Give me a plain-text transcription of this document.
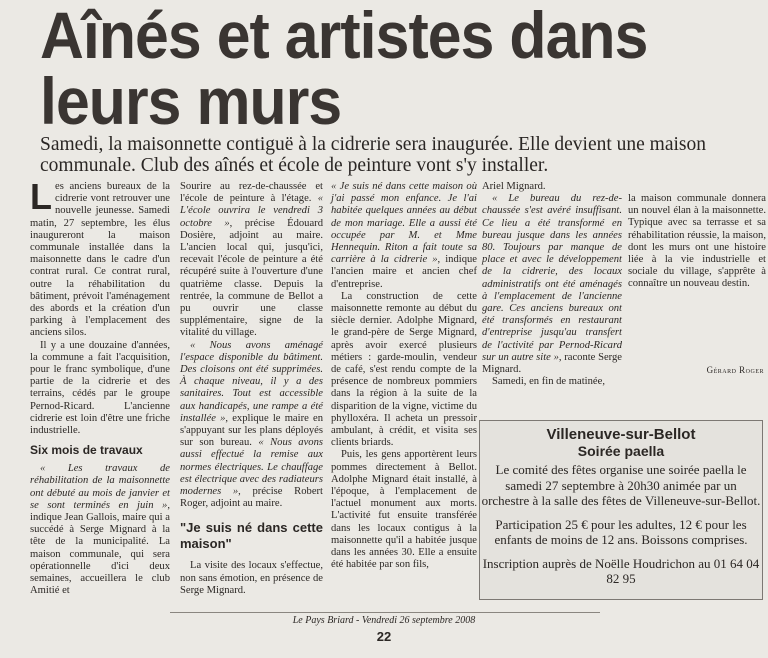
Aînés et artistes dans leurs murs

Samedi, la maisonnette contiguë à la cidrerie sera inaugurée. Elle devient une maison communale. Club des aînés et école de peinture vont s'y installer.

Les anciens bureaux de la cidrerie vont retrouver une nouvelle jeunesse. Samedi matin, 27 septembre, les élus inaugureront la maison communale installée dans la maisonnette dans le cadre d'un contrat rural. Ce contrat rural, outre la réhabilitation du bâtiment, prévoit l'aménagement des abords et la création d'un parking à l'emplacement des anciens silos.

Il y a une douzaine d'années, la commune a fait l'acquisition, pour le franc symbolique, d'une partie de la cidrerie et des terrains, cédés par le groupe Pernod-Ricard. L'ancienne cidrerie est loin d'être une friche industrielle.

Six mois de travaux

« Les travaux de réhabilitation de la maisonnette ont débuté au mois de janvier et se sont terminés en juin », indique Jean Gallois, maire qui a succédé à Serge Mignard à la tête de la municipalité. La maison communale, qui sera opérationnelle d'ici deux semaines, accueillera le club Amitié et

Sourire au rez-de-chaussée et l'école de peinture à l'étage. « L'école ouvrira le vendredi 3 octobre », précise Édouard Dosière, adjoint au maire. L'ancien local qui, jusqu'ici, recevait l'école de peinture a été récupéré suite à l'ouverture d'une quatrième classe. Depuis la rentrée, la commune de Bellot a pu ouvrir une classe supplémentaire, signe de la vitalité du village.

« Nous avons aménagé l'espace disponible du bâtiment. Des cloisons ont été supprimées. À chaque niveau, il y a des sanitaires. Tout est accessible aux handicapés, une rampe a été installée », explique le maire en s'appuyant sur les plans déployés sur son bureau. « Nous avons aussi effectué la remise aux normes électriques. Le chauffage est électrique avec des radiateurs modernes », précise Robert Roger, adjoint au maire.

"Je suis né dans cette maison"

La visite des locaux s'effectue, non sans émotion, en présence de Serge Mignard.

« Je suis né dans cette maison où j'ai passé mon enfance. Je l'ai habitée quelques années au début de mon mariage. Elle a aussi été occupée par M. et Mme Hennequin. Riton a fait toute sa carrière à la cidrerie », indique l'ancien maire et ancien chef d'entreprise.

La construction de cette maisonnette remonte au début du siècle dernier. Adolphe Mignard, le grand-père de Serge Mignard, après avoir exercé plusieurs métiers : garde-moulin, vendeur de café, s'est rendu compte de la présence de nombreux pommiers dans la région à la suite de la disparition de la vigne, victime du phylloxéra. Il acheta un pressoir ambulant, à crédit, et visita ses clients briards.

Puis, les gens apportèrent leurs pommes directement à Bellot. Adolphe Mignard était installé, à l'époque, à l'emplacement de l'actuel monument aux morts. L'activité fut ensuite transférée dans les locaux contigus à la maisonnette qu'il a habitée jusque dans les années 30. Elle a ensuite été habitée par son fils,

Ariel Mignard.

« Le bureau du rez-de-chaussée s'est avéré insuffisant. Ce lieu a été transformé en bureau jusque dans les années 80. Toujours par manque de place et avec le développement de la cidrerie, des locaux administratifs ont été aménagés à l'emplacement de l'ancienne gare. Ces anciens bureaux ont été transformés en restaurant d'entreprise jusqu'au transfert de l'activité par Pernod-Ricard sur un autre site », raconte Serge Mignard.

Samedi, en fin de matinée,

la maison communale donnera un nouvel élan à la maisonnette. Typique avec sa terrasse et sa réhabilitation réussie, la maison, dont les murs ont une histoire liée à la vie industrielle et sociale du village, s'apprête à connaître un nouveau destin.

Gérard Roger

Villeneuve-sur-Bellot

Soirée paella

Le comité des fêtes organise une soirée paella le samedi 27 septembre à 20h30 animée par un orchestre à la salle des fêtes de Villeneuve-sur-Bellot.

Participation 25 € pour les adultes, 12 € pour les enfants de moins de 12 ans. Boissons comprises.

Inscription auprès de Noëlle Houdrichon au 01 64 04 82 95

Le Pays Briard - Vendredi 26 septembre 2008
22
